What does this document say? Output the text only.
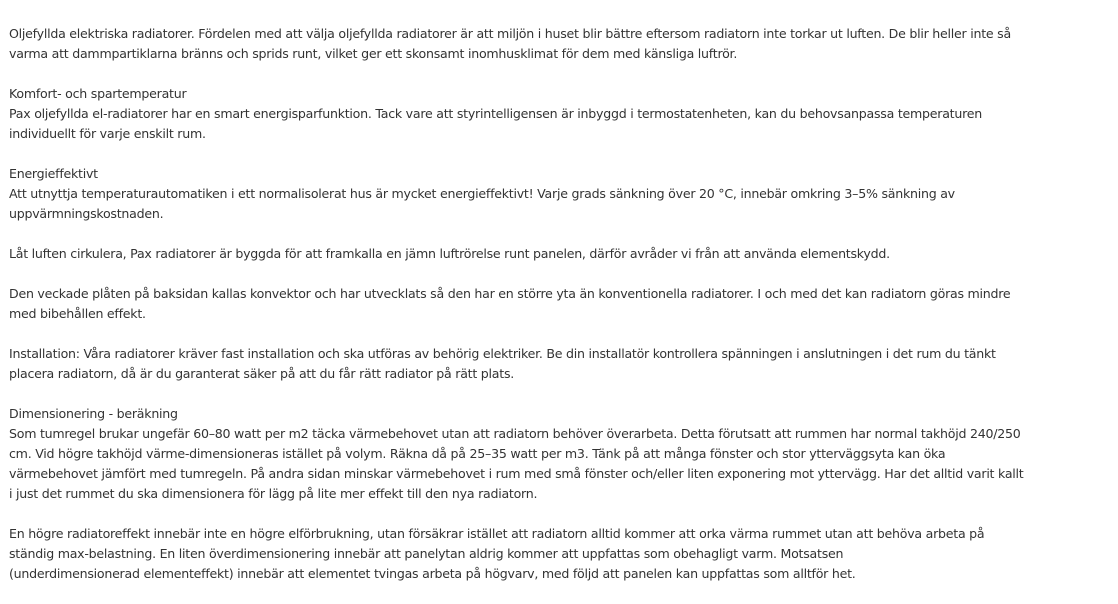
Oljefyllda elektriska radiatorer. Fördelen med att välja oljefyllda radiatorer är att miljön i huset blir bättre eftersom radiatorn inte torkar ut luften. De blir heller inte så
varma att dammpartiklarna bränns och sprids runt, vilket ger ett skonsamt inomhusklimat för dem med känsliga luftrör.

Komfort- och spartemperatur
Pax oljefyllda el-radiatorer har en smart energisparfunktion. Tack vare att styrintelligensen är inbyggd i termostatenheten, kan du behovsanpassa temperaturen
individuellt för varje enskilt rum.

Energieffektivt
Att utnyttja temperaturautomatiken i ett normalisolerat hus är mycket energieffektivt! Varje grads sänkning över 20 °C, innebär omkring 3–5% sänkning av
uppvärmningskostnaden.

Låt luften cirkulera, Pax radiatorer är byggda för att framkalla en jämn luftrörelse runt panelen, därför avråder vi från att använda elementskydd.

Den veckade plåten på baksidan kallas konvektor och har utvecklats så den har en större yta än konventionella radiatorer. I och med det kan radiatorn göras mindre
med bibehållen effekt.

Installation: Våra radiatorer kräver fast installation och ska utföras av behörig elektriker. Be din installatör kontrollera spänningen i anslutningen i det rum du tänkt
placera radiatorn, då är du garanterat säker på att du får rätt radiator på rätt plats.

Dimensionering - beräkning
Som tumregel brukar ungefär 60–80 watt per m2 täcka värmebehovet utan att radiatorn behöver överarbeta. Detta förutsatt att rummen har normal takhöjd 240/250
cm. Vid högre takhöjd värme-dimensioneras istället på volym. Räkna då på 25–35 watt per m3. Tänk på att många fönster och stor ytterväggsyta kan öka
värmebehovet jämfört med tumregeln. På andra sidan minskar värmebehovet i rum med små fönster och/eller liten exponering mot yttervägg. Har det alltid varit kallt
i just det rummet du ska dimensionera för lägg på lite mer effekt till den nya radiatorn.

En högre radiatoreffekt innebär inte en högre elförbrukning, utan försäkrar istället att radiatorn alltid kommer att orka värma rummet utan att behöva arbeta på
ständig max-belastning. En liten överdimensionering innebär att panelytan aldrig kommer att uppfattas som obehagligt varm. Motsatsen
(underdimensionerad elementeffekt) innebär att elementet tvingas arbeta på högvarv, med följd att panelen kan uppfattas som alltför het.
